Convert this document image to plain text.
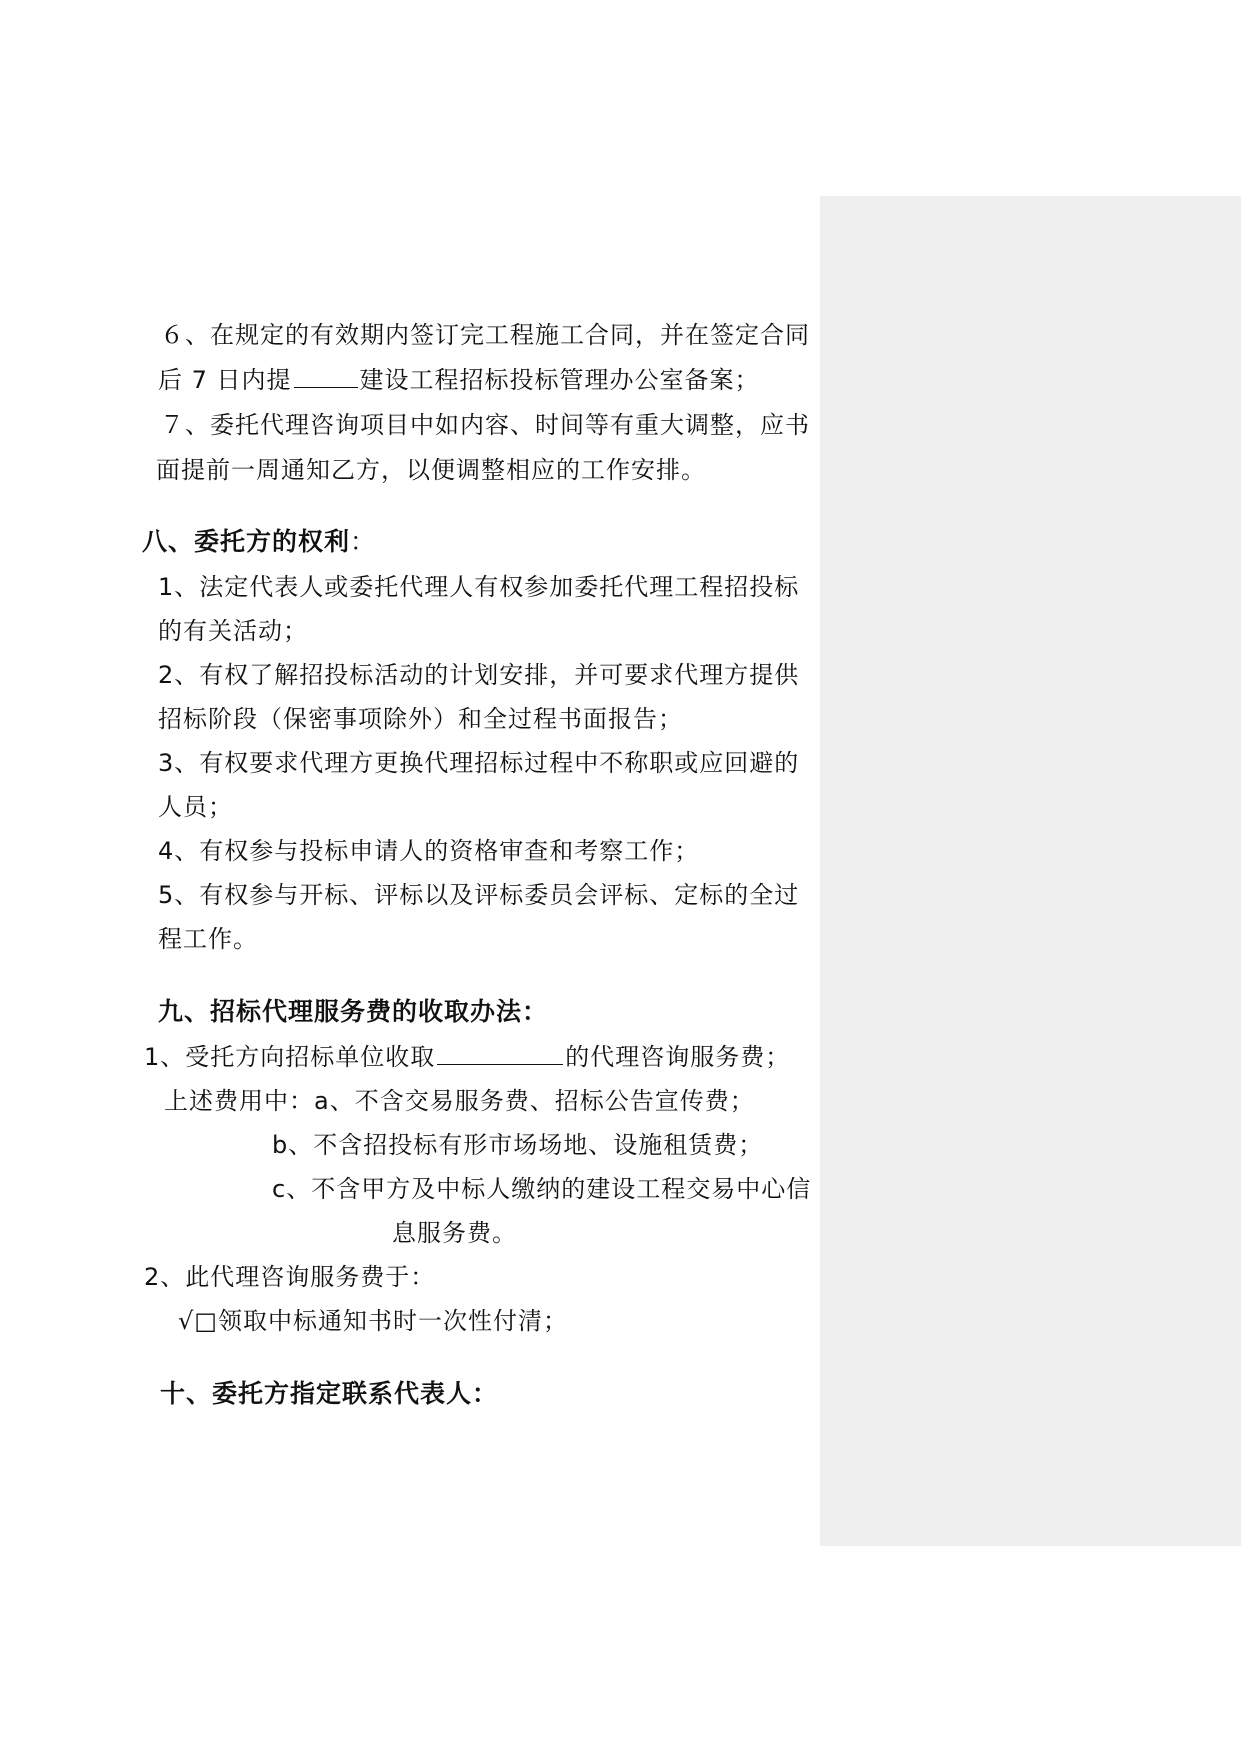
６、在规定的有效期内签订完工程施工合同，并在签定合同
后 7 日内提	建设工程招标投标管理办公室备案；
７、委托代理咨询项目中如内容、时间等有重大调整，应书
面提前一周通知乙方，以便调整相应的工作安排。
八、委托方的权利：
1、法定代表人或委托代理人有权参加委托代理工程招投标
的有关活动；
2、有权了解招投标活动的计划安排，并可要求代理方提供
招标阶段（保密事项除外）和全过程书面报告；
3、有权要求代理方更换代理招标过程中不称职或应回避的
人员；
4、有权参与投标申请人的资格审查和考察工作；
5、有权参与开标、评标以及评标委员会评标、定标的全过
程工作。
九、招标代理服务费的收取办法：
1、受托方向招标单位收取	的代理咨询服务费；
上述费用中：a、不含交易服务费、招标公告宣传费；
b、不含招投标有形市场场地、设施租赁费；
c、不含甲方及中标人缴纳的建设工程交易中心信
息服务费。
2、此代理咨询服务费于：
√□领取中标通知书时一次性付清；
十、委托方指定联系代表人：
